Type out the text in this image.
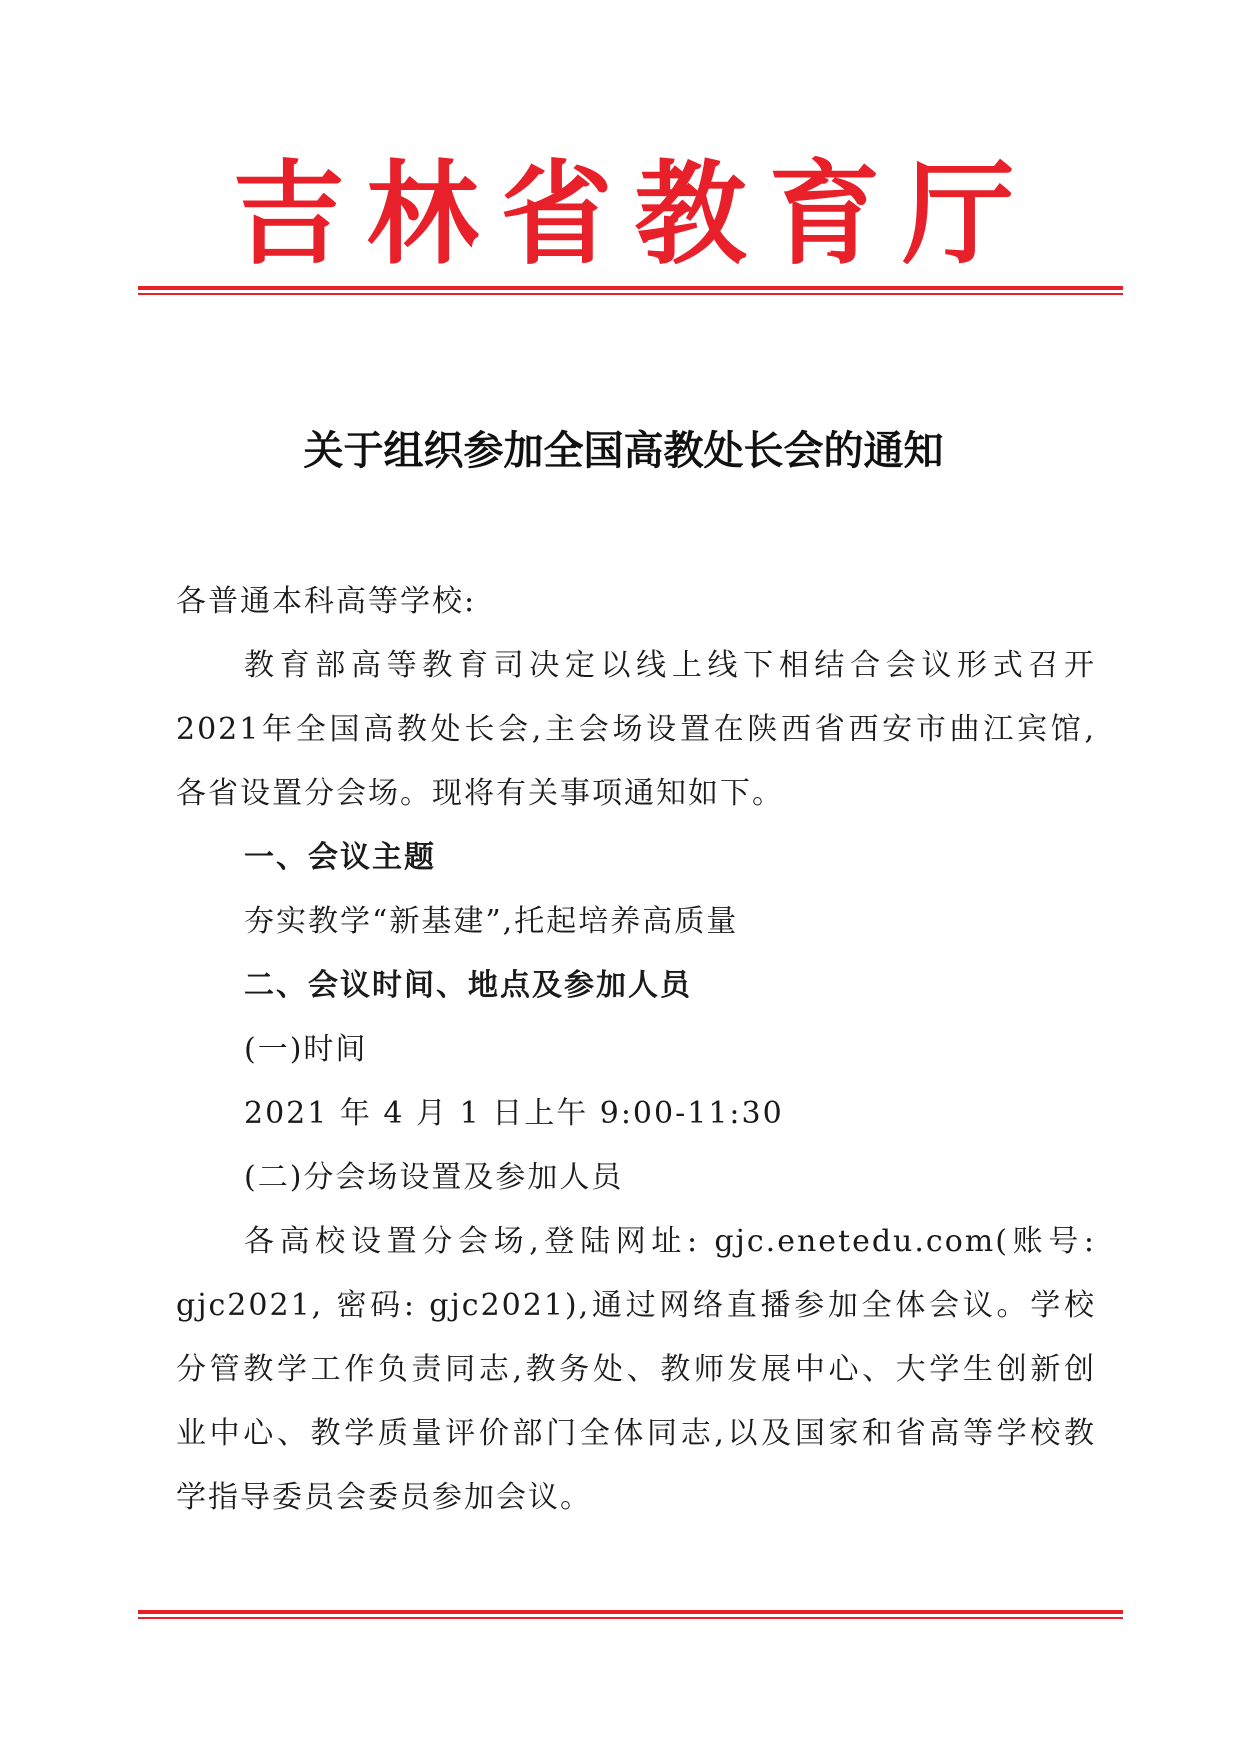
吉林省教育厅
关于组织参加全国高教处长会的通知
各普通本科高等学校:
教育部高等教育司决定以线上线下相结合会议形式召开
2021年全国高教处长会,主会场设置在陕西省西安市曲江宾馆,
各省设置分会场。现将有关事项通知如下。
一、会议主题
夯实教学“新基建”,托起培养高质量
二、会议时间、地点及参加人员
(一)时间
2021 年 4 月 1 日上午 9:00-11:30
(二)分会场设置及参加人员
各高校设置分会场,登陆网址: gjc.enetedu.com(账号:
gjc2021, 密码: gjc2021),通过网络直播参加全体会议。学校
分管教学工作负责同志,教务处、教师发展中心、大学生创新创
业中心、教学质量评价部门全体同志,以及国家和省高等学校教
学指导委员会委员参加会议。
